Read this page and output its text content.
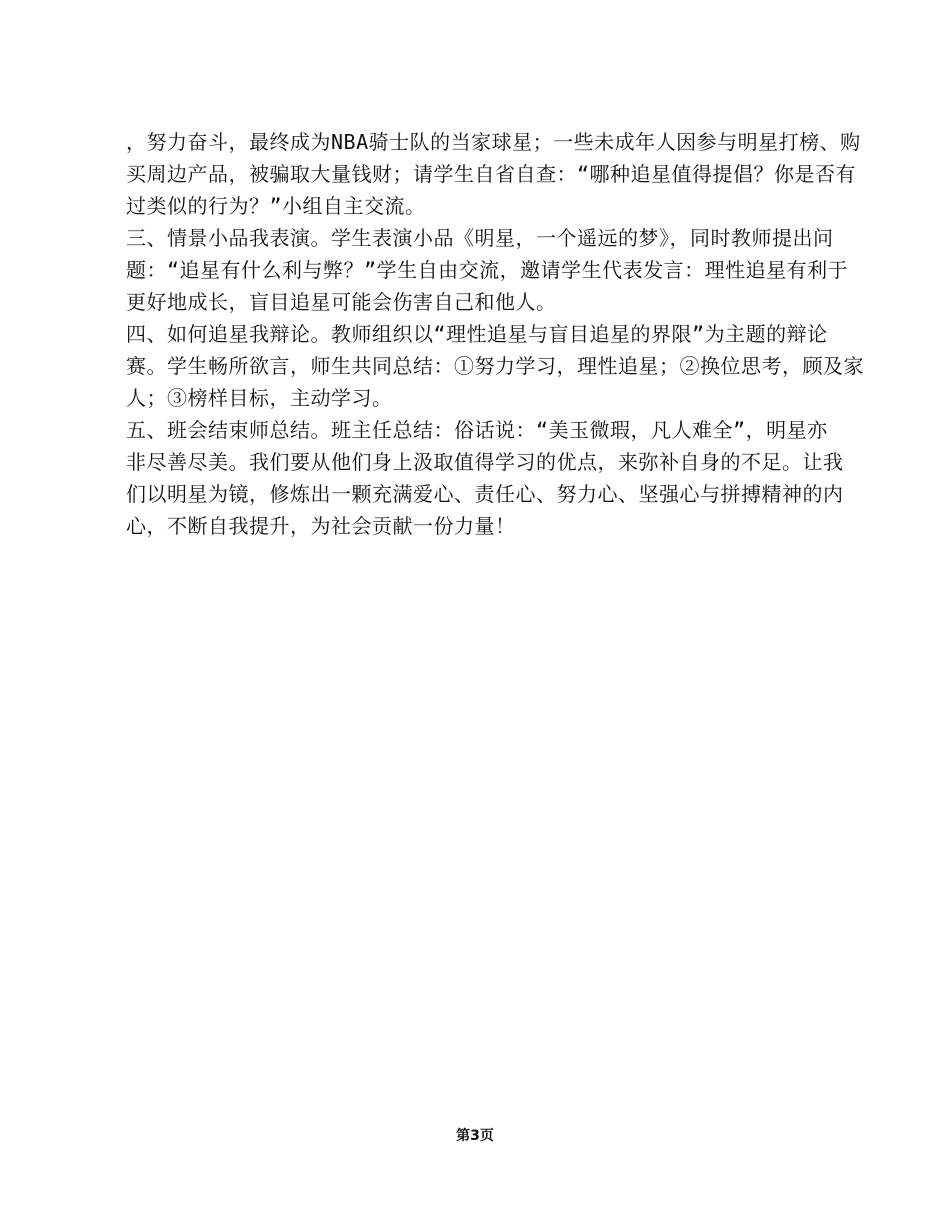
，努力奋斗，最终成为NBA骑士队的当家球星；一些未成年人因参与明星打榜、购
买周边产品，被骗取大量钱财；请学生自省自查：“哪种追星值得提倡？你是否有
过类似的行为？”小组自主交流。
三、情景小品我表演。学生表演小品《明星，一个遥远的梦》，同时教师提出问
题：“追星有什么利与弊？”学生自由交流，邀请学生代表发言：理性追星有利于
更好地成长，盲目追星可能会伤害自己和他人。
四、如何追星我辩论。教师组织以“理性追星与盲目追星的界限”为主题的辩论
赛。学生畅所欲言，师生共同总结：①努力学习，理性追星；②换位思考，顾及家
人；③榜样目标，主动学习。
五、班会结束师总结。班主任总结：俗话说：“美玉微瑕，凡人难全”，明星亦
非尽善尽美。我们要从他们身上汲取值得学习的优点，来弥补自身的不足。让我
们以明星为镜，修炼出一颗充满爱心、责任心、努力心、坚强心与拼搏精神的内
心，不断自我提升，为社会贡献一份力量！
第3页
